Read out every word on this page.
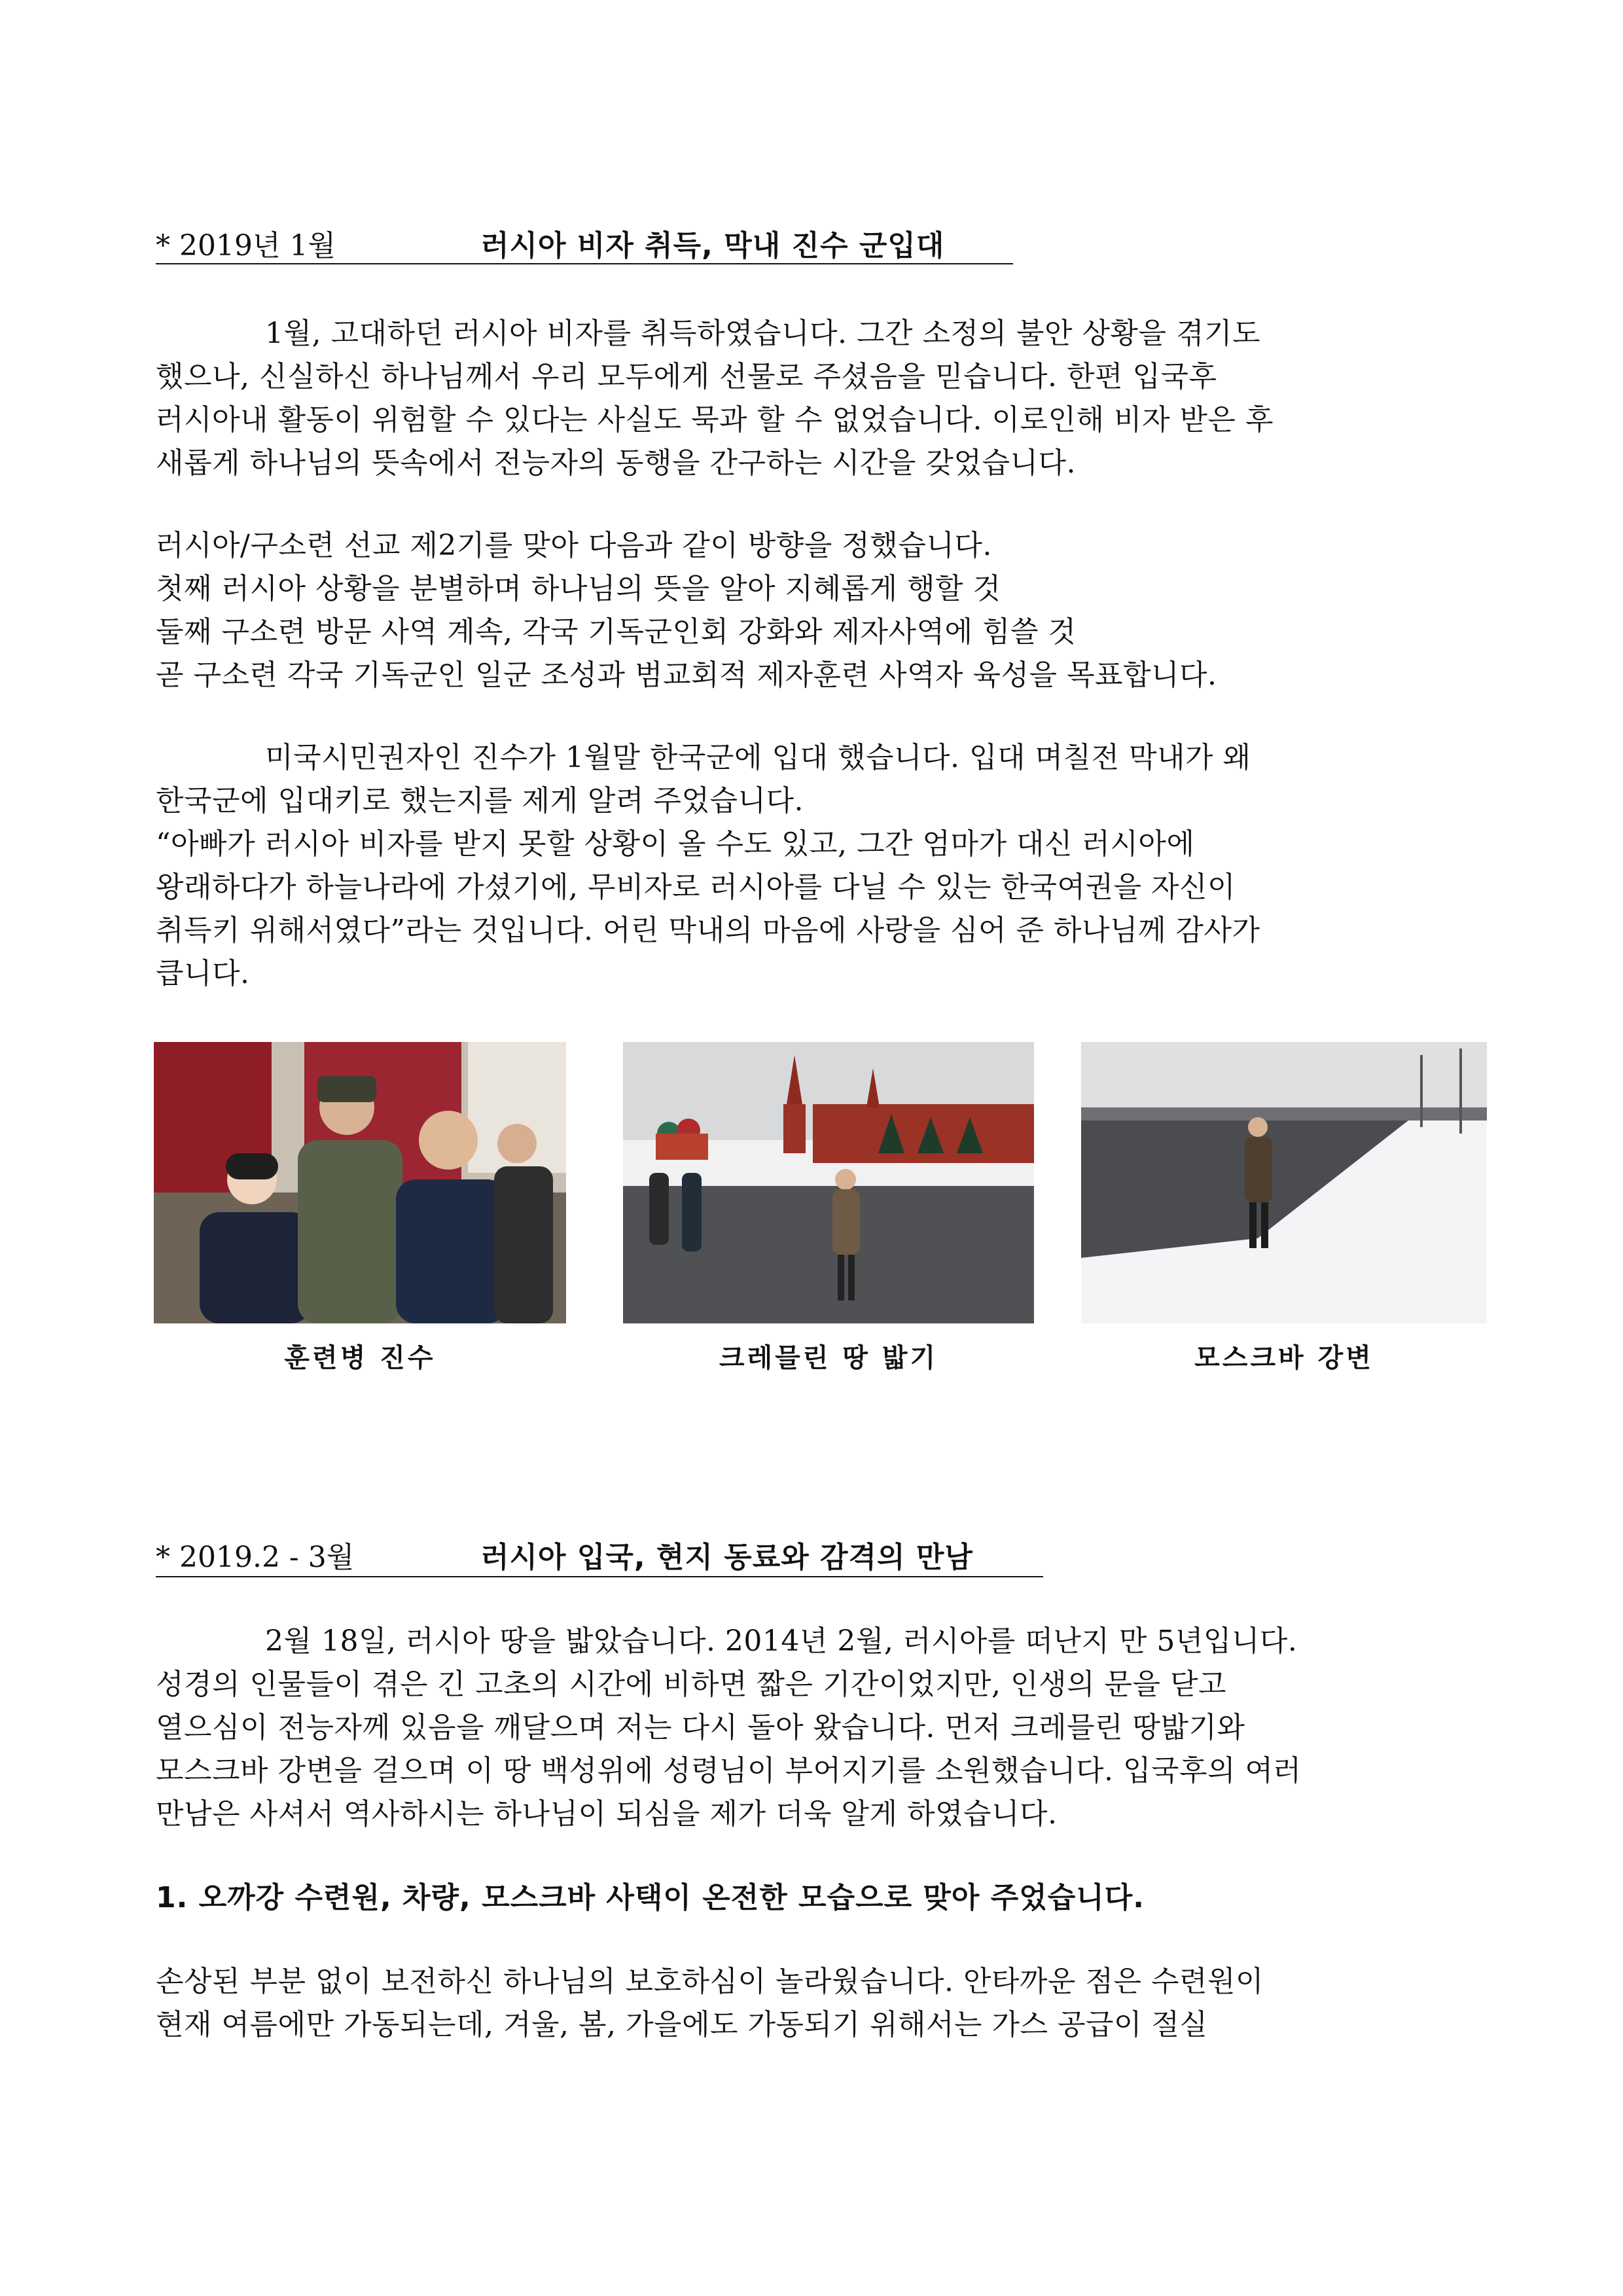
* 2019년 1월	러시아 비자 취득, 막내 진수 군입대
1월, 고대하던 러시아 비자를 취득하였습니다. 그간 소정의 불안 상황을 겪기도
했으나, 신실하신 하나님께서 우리 모두에게 선물로 주셨음을 믿습니다. 한편 입국후
러시아내 활동이 위험할 수 있다는 사실도 묵과 할 수 없었습니다. 이로인해 비자 받은 후
새롭게 하나님의 뜻속에서 전능자의 동행을 간구하는 시간을 갖었습니다.
러시아/구소련 선교 제2기를 맞아 다음과 같이 방향을 정했습니다.
첫째 러시아 상황을 분별하며 하나님의 뜻을 알아 지혜롭게 행할 것
둘째 구소련 방문 사역 계속, 각국 기독군인회 강화와 제자사역에 힘쓸 것
곧 구소련 각국 기독군인 일군 조성과 범교회적 제자훈련 사역자 육성을 목표합니다.
미국시민권자인 진수가 1월말 한국군에 입대 했습니다. 입대 며칠전 막내가 왜
한국군에 입대키로 했는지를 제게 알려 주었습니다.
“아빠가 러시아 비자를 받지 못할 상황이 올 수도 있고, 그간 엄마가 대신 러시아에
왕래하다가 하늘나라에 가셨기에, 무비자로 러시아를 다닐 수 있는 한국여권을 자신이
취득키 위해서였다”라는 것입니다. 어린 막내의 마음에 사랑을 심어 준 하나님께 감사가
큽니다.
훈련병 진수	크레믈린 땅 밟기	모스크바 강변
* 2019.2 - 3월	러시아 입국, 현지 동료와 감격의 만남
2월 18일, 러시아 땅을 밟았습니다. 2014년 2월, 러시아를 떠난지 만 5년입니다.
성경의 인물들이 겪은 긴 고초의 시간에 비하면 짧은 기간이었지만, 인생의 문을 닫고
열으심이 전능자께 있음을 깨달으며 저는 다시 돌아 왔습니다. 먼저 크레믈린 땅밟기와
모스크바 강변을 걸으며 이 땅 백성위에 성령님이 부어지기를 소원했습니다. 입국후의 여러
만남은 사셔서 역사하시는 하나님이 되심을 제가 더욱 알게 하였습니다.
1. 오까강 수련원, 차량, 모스크바 사택이 온전한 모습으로 맞아 주었습니다.
손상된 부분 없이 보전하신 하나님의 보호하심이 놀라웠습니다. 안타까운 점은 수련원이
현재 여름에만 가동되는데, 겨울, 봄, 가을에도 가동되기 위해서는 가스 공급이 절실
